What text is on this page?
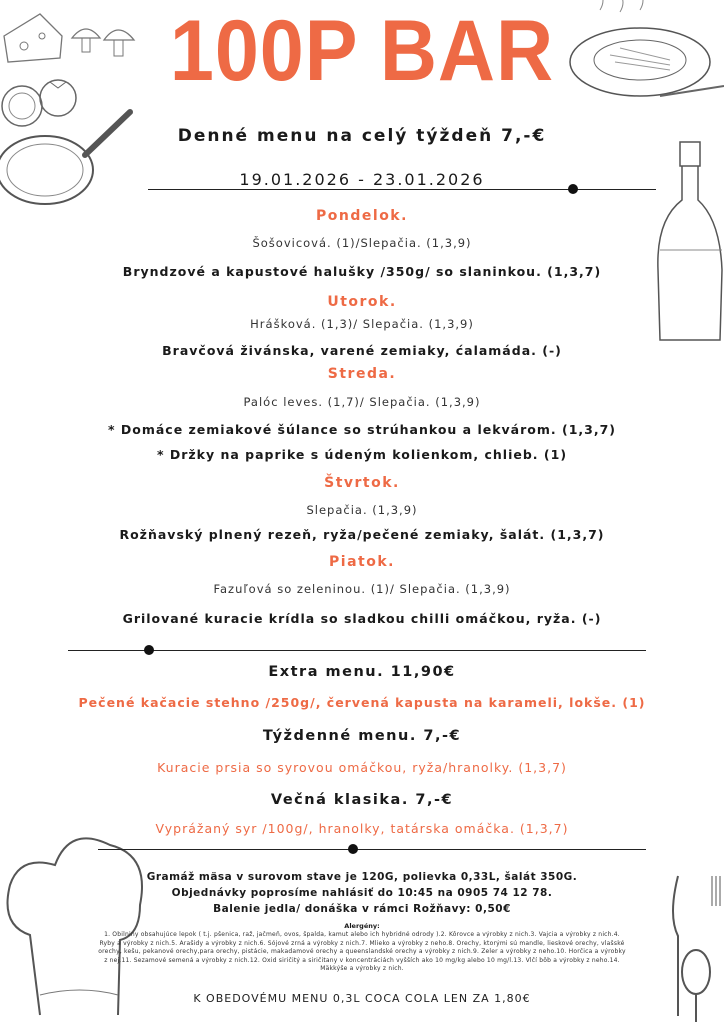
100P BAR
Denné menu na celý týždeň 7,-€
19.01.2026 - 23.01.2026
Pondelok.
Šošovicová. (1)/Slepačia. (1,3,9)
Bryndzové a kapustové halušky /350g/ so slaninkou. (1,3,7)
Utorok.
Hrášková. (1,3)/ Slepačia. (1,3,9)
Bravčová živánska, varené zemiaky, ćalamáda. (-)
Streda.
Palóc leves. (1,7)/ Slepačia. (1,3,9)
* Domáce zemiakové šúlance so strúhankou a lekvárom. (1,3,7)
* Držky na paprike s údeným kolienkom, chlieb. (1)
Štvrtok.
Slepačia. (1,3,9)
Rožňavský plnený rezeň, ryža/pečené zemiaky, šalát. (1,3,7)
Piatok.
Fazuľová so zeleninou. (1)/ Slepačia. (1,3,9)
Grilované kuracie krídla so sladkou chilli omáčkou, ryža. (-)
Extra menu. 11,90€
Pečené kačacie stehno /250g/, červená kapusta na karameli, lokše. (1)
Týždenné menu. 7,-€
Kuracie prsia so syrovou omáčkou, ryža/hranolky. (1,3,7)
Večná klasika. 7,-€
Vyprážaný syr /100g/, hranolky, tatárska omáčka. (1,3,7)
Gramáž mäsa v surovom stave je 120G, polievka 0,33L, šalát 350G.
Objednávky poprosíme nahlásiť do 10:45 na 0905 74 12 78.
Balenie jedla/ donáška v rámci Rožňavy: 0,50€
Alergény:
1. Obilniny obsahujúce lepok ( t.j. pšenica, raž, jačmeň, ovos, špalda, kamut alebo ich hybridné odrody ).2. Kôrovce a výrobky z nich.3. Vajcia a výrobky z nich.4. Ryby a výrobky z nich.5. Arašidy a výrobky z nich.6. Sójové zrná a výrobky z nich.7. Mlieko a výrobky z neho.8. Orechy, ktorými sú mandle, lieskové orechy, vlašské orechy, kešu, pekanové orechy,para orechy, pistácie, makadamové orechy a queenslandské orechy a výrobky z nich.9. Zeler a výrobky z neho.10. Horčica a výrobky z nej.11. Sezamové semená a výrobky z nich.12. Oxid siričitý a siričitany v koncentráciách vyšších ako 10 mg/kg alebo 10 mg/l.13. Vlčí bôb a výrobky z neho.14. Mäkkýše a výrobky z nich.
K OBEDOVÉMU MENU 0,3L COCA COLA LEN ZA 1,80€
